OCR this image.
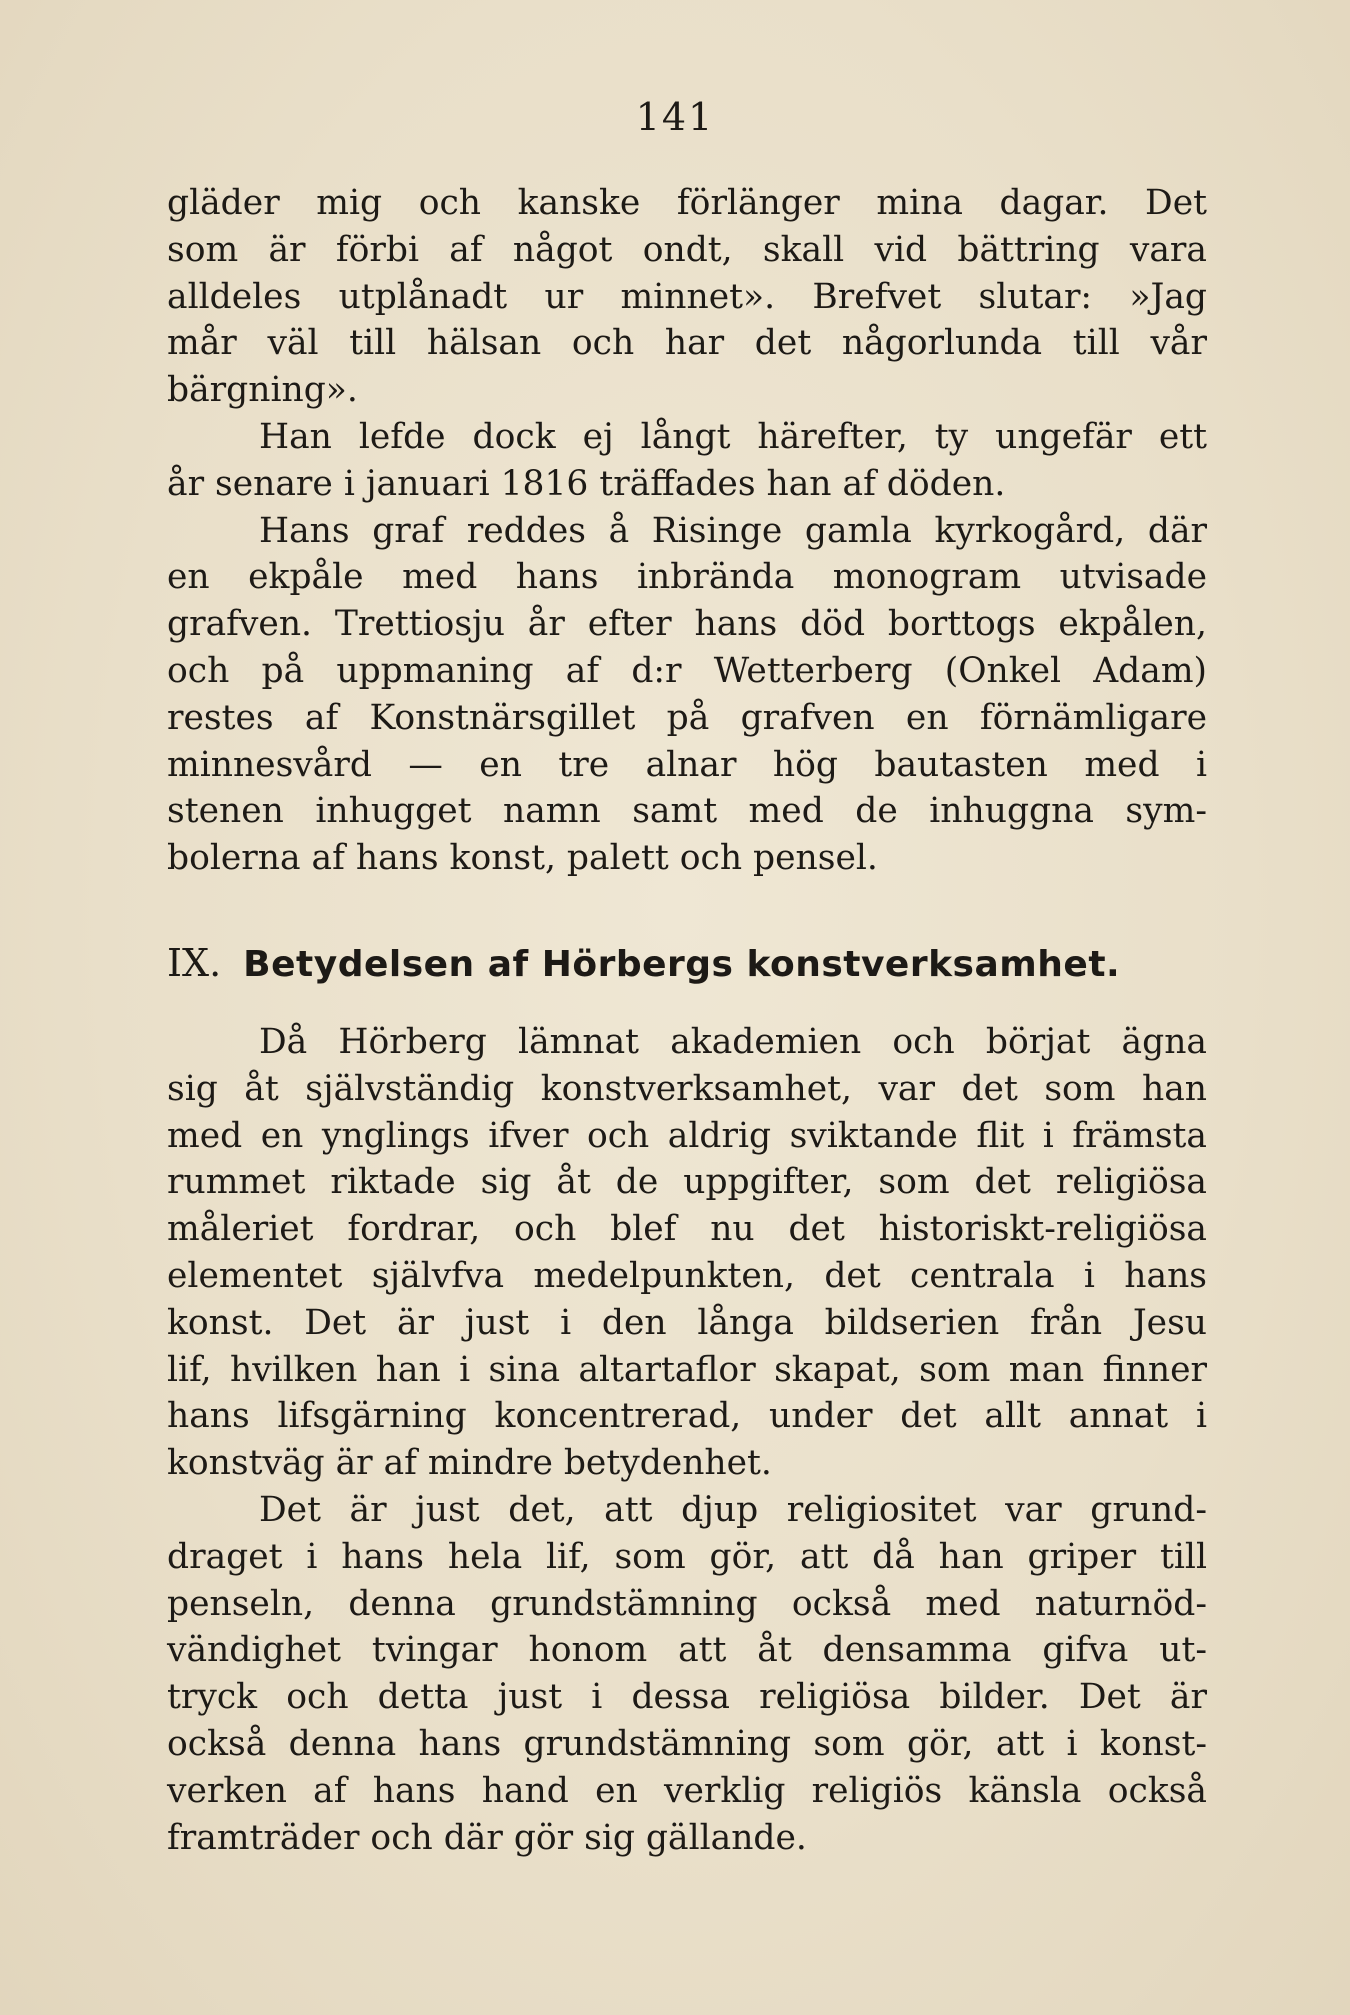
141
gläder mig och kanske förlänger mina dagar. Det
som är förbi af något ondt, skall vid bättring vara
alldeles utplånadt ur minnet». Brefvet slutar: »Jag
mår väl till hälsan och har det någorlunda till vår
bärgning».
Han lefde dock ej långt härefter, ty ungefär ett
år senare i januari 1816 träffades han af döden.
Hans graf reddes å Risinge gamla kyrkogård, där
en ekpåle med hans inbrända monogram utvisade
grafven. Trettiosju år efter hans död borttogs ekpålen,
och på uppmaning af d:r Wetterberg (Onkel Adam)
restes af Konstnärsgillet på grafven en förnämligare
minnesvård — en tre alnar hög bautasten med i
stenen inhugget namn samt med de inhuggna sym-
bolerna af hans konst, palett och pensel.
IX. Betydelsen af Hörbergs konstverksamhet.
Då Hörberg lämnat akademien och börjat ägna
sig åt självständig konstverksamhet, var det som han
med en ynglings ifver och aldrig sviktande flit i främsta
rummet riktade sig åt de uppgifter, som det religiösa
måleriet fordrar, och blef nu det historiskt-religiösa
elementet självfva medelpunkten, det centrala i hans
konst. Det är just i den långa bildserien från Jesu
lif, hvilken han i sina altartaflor skapat, som man finner
hans lifsgärning koncentrerad, under det allt annat i
konstväg är af mindre betydenhet.
Det är just det, att djup religiositet var grund-
draget i hans hela lif, som gör, att då han griper till
penseln, denna grundstämning också med naturnöd-
vändighet tvingar honom att åt densamma gifva ut-
tryck och detta just i dessa religiösa bilder. Det är
också denna hans grundstämning som gör, att i konst-
verken af hans hand en verklig religiös känsla också
framträder och där gör sig gällande.
